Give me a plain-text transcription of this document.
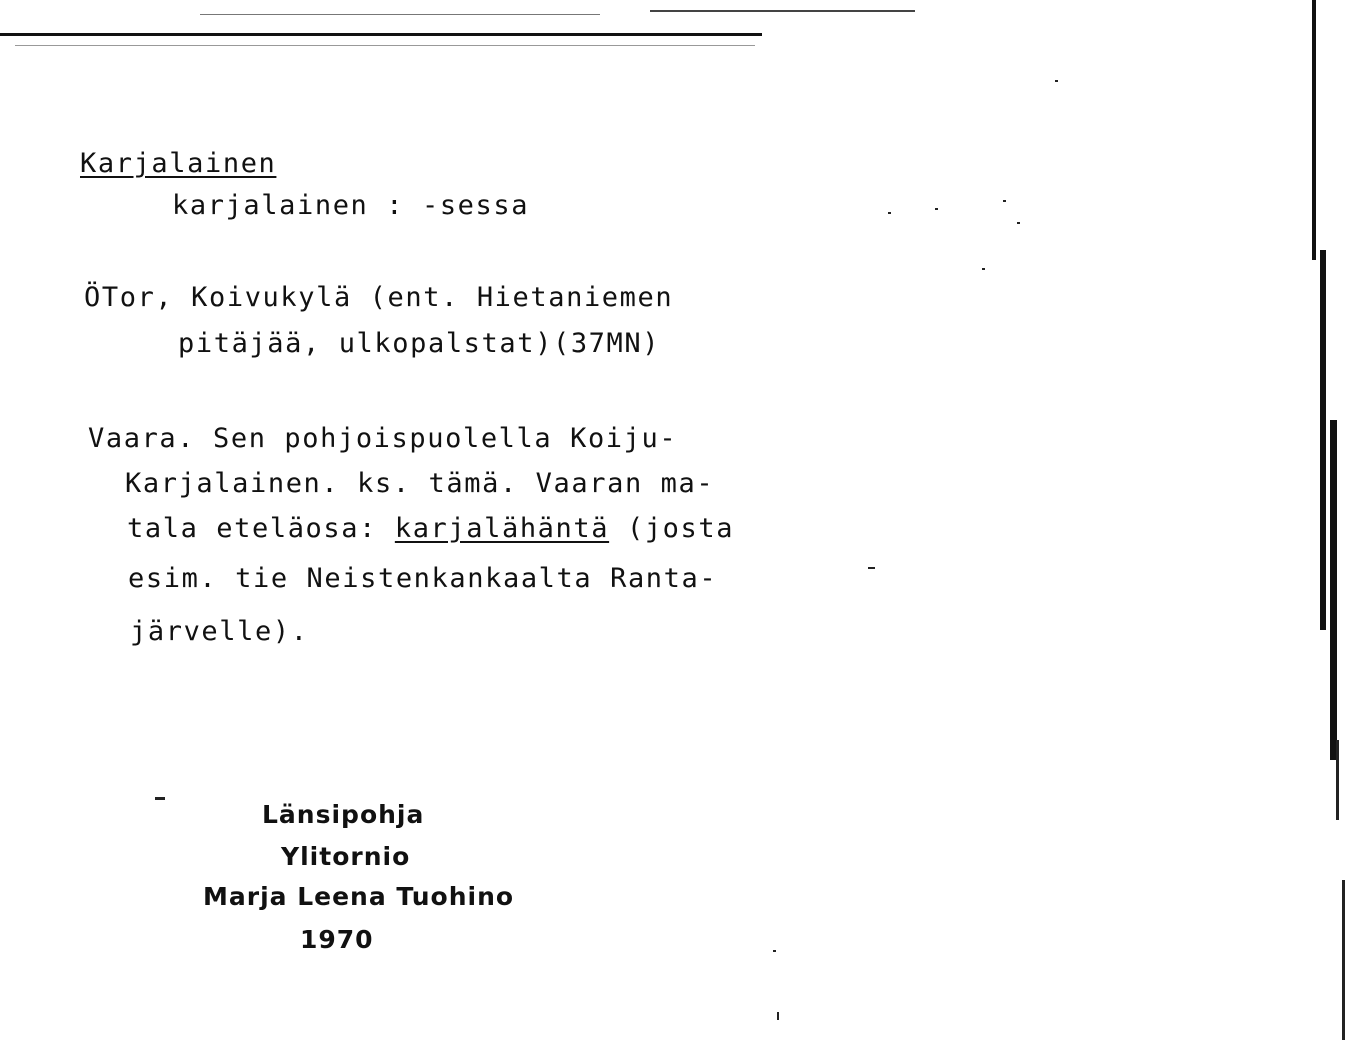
Karjalainen
karjalainen : -sessa
ÖTor, Koivukylä (ent. Hietaniemen
pitäjää, ulkopalstat)(37MN)
Vaara. Sen pohjoispuolella Koiju-
Karjalainen. ks. tämä. Vaaran ma-
tala eteläosa: karjalähäntä (josta
esim. tie Neistenkankaalta Ranta-
järvelle).
Länsipohja
Ylitornio
Marja Leena Tuohino
1970
